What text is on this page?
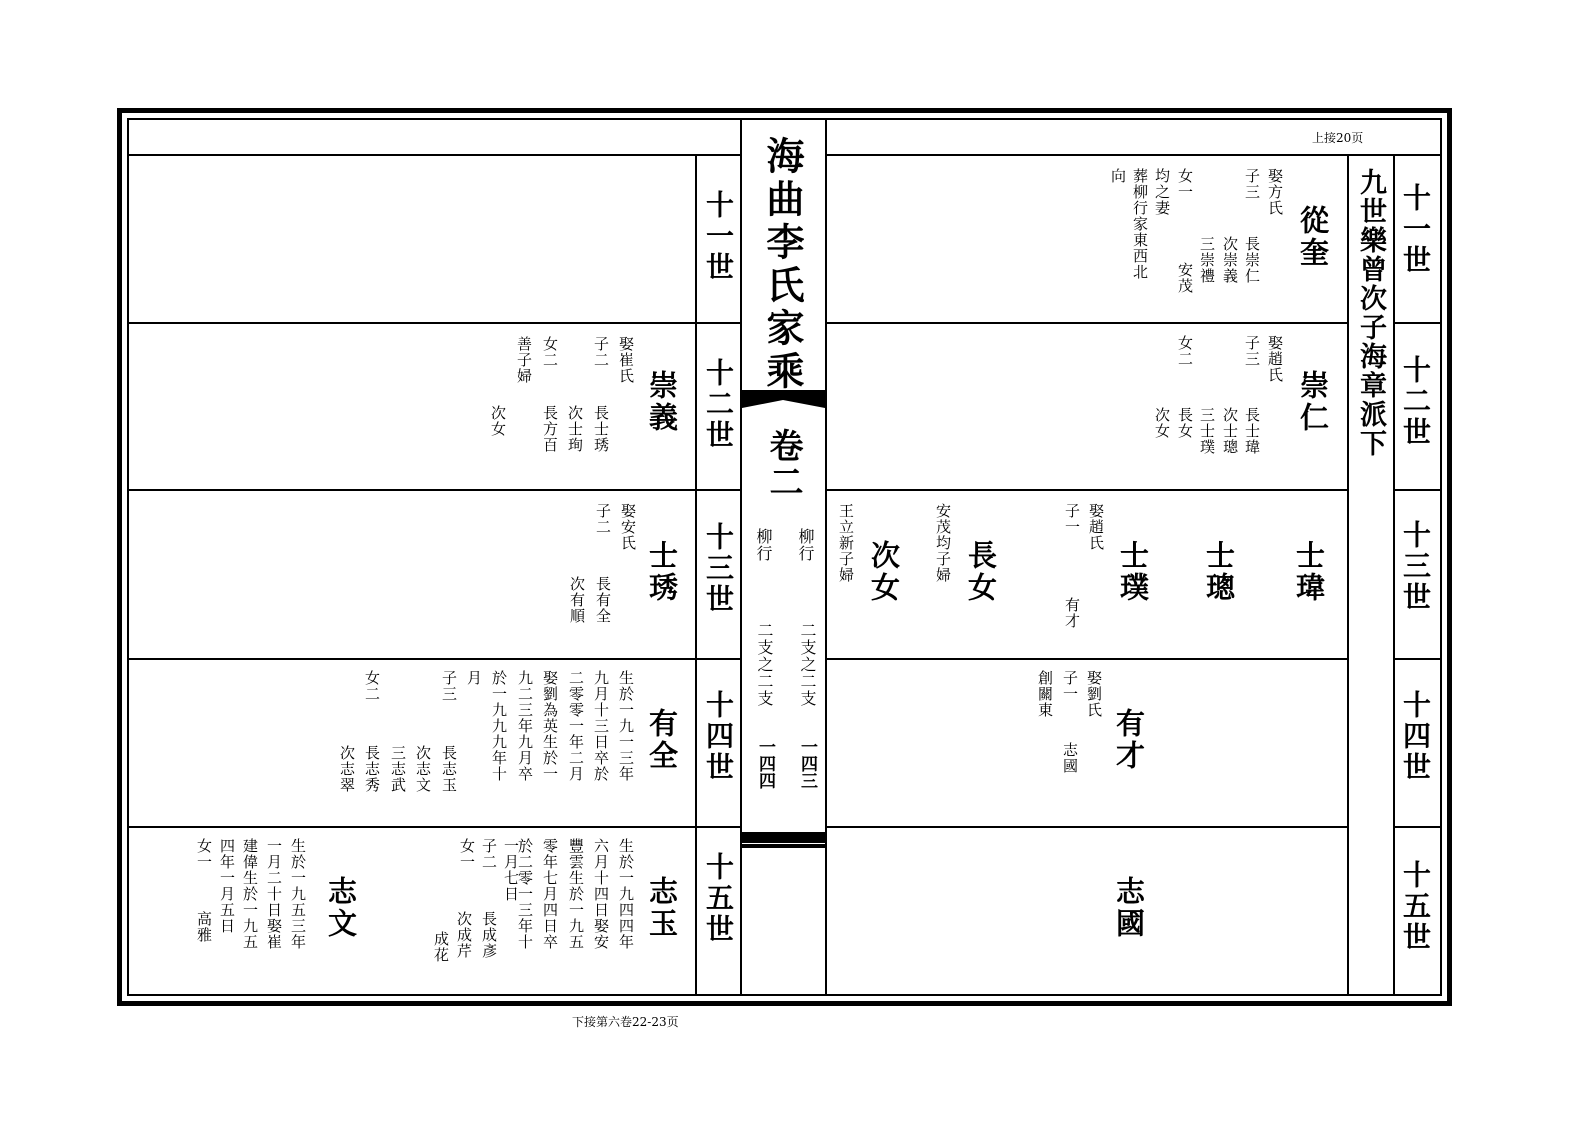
上接20页
下接第六卷22-23页
海曲李氏家乘
卷二
柳行
二支之二支
柳行
二支之二支
一四三
一四四
九世樂曾次子海章派下 十一世
十二世
十三世
十四世
十五世
十一世
十二世
十三世
十四世
十五世
從奎
娶方氏
子三
長崇仁
次崇義
三崇禮
安茂
女一
均之妻
葬柳行家東西北
向
崇仁
娶趙氏
子三
長士瑋
次士璁
三士璞
女二
長女
次女
士瑋
士璁
士璞
娶趙氏
子一
有才
長女
安茂均子婦
次女
王立新子婦
有才
娶劉氏
子一
志國
創關東
志國
崇義
娶崔氏
子二
長士琇
次士珣
長方百
女二
善子婦
次女
士琇
娶安氏
子二
長有全
次有順
有全
生於一九一三年
九月十三日卒於
二零零一年二月
娶劉為英生於一
九二三年九月卒
於一九九九年十
月
子三
長志玉
次志文
三志武
長志秀
次志翠
女二
志玉
生於一九四四年
六月十四日娶安
豐雲生於一九五
零年七月四日卒
於二零一三年十
一月七日
子二
長成彥
次成芹
女一
成花
志文
生於一九五三年
一月二十日娶崔
建偉生於一九五
四年一月五日
高雅
女一
